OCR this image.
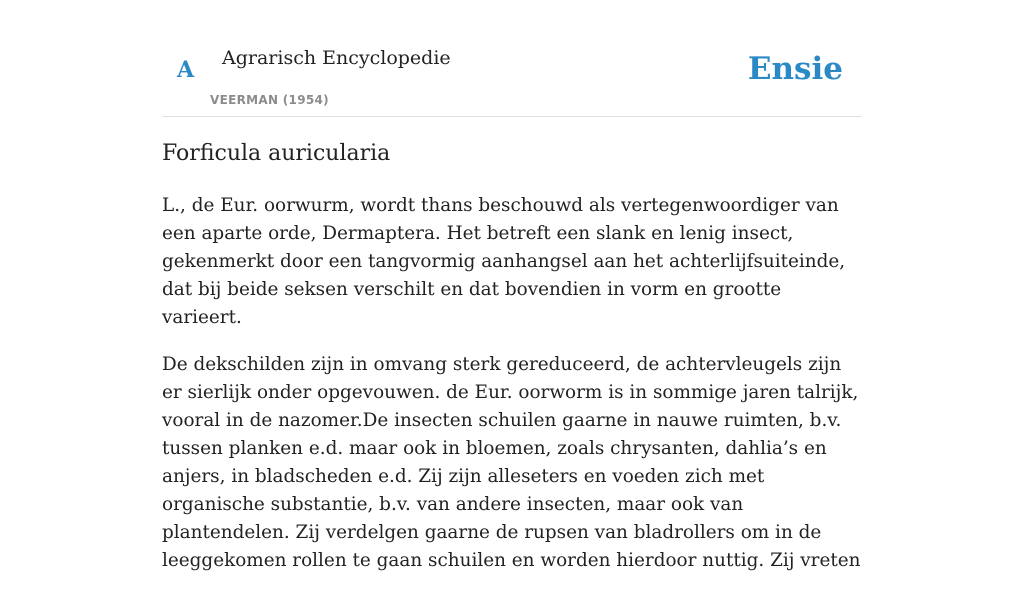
A Agrarisch Encyclopedie
VEERMAN (1954)
Ensie
Forficula auricularia

L., de Eur. oorwurm, wordt thans beschouwd als vertegenwoordiger van een aparte orde, Dermaptera. Het betreft een slank en lenig insect, gekenmerkt door een tangvormig aanhangsel aan het achterlijfsuiteinde, dat bij beide seksen verschilt en dat bovendien in vorm en grootte varieert.

De dekschilden zijn in omvang sterk gereduceerd, de achtervleugels zijn er sierlijk onder opgevouwen. de Eur. oorworm is in sommige jaren talrijk, vooral in de nazomer.De insecten schuilen gaarne in nauwe ruimten, b.v. tussen planken e.d. maar ook in bloemen, zoals chrysanten, dahlia’s en anjers, in bladscheden e.d. Zij zijn alleseters en voeden zich met organische substantie, b.v. van andere insecten, maar ook van plantendelen. Zij verdelgen gaarne de rupsen van bladrollers om in de leeggekomen rollen te gaan schuilen en worden hierdoor nuttig. Zij vreten
